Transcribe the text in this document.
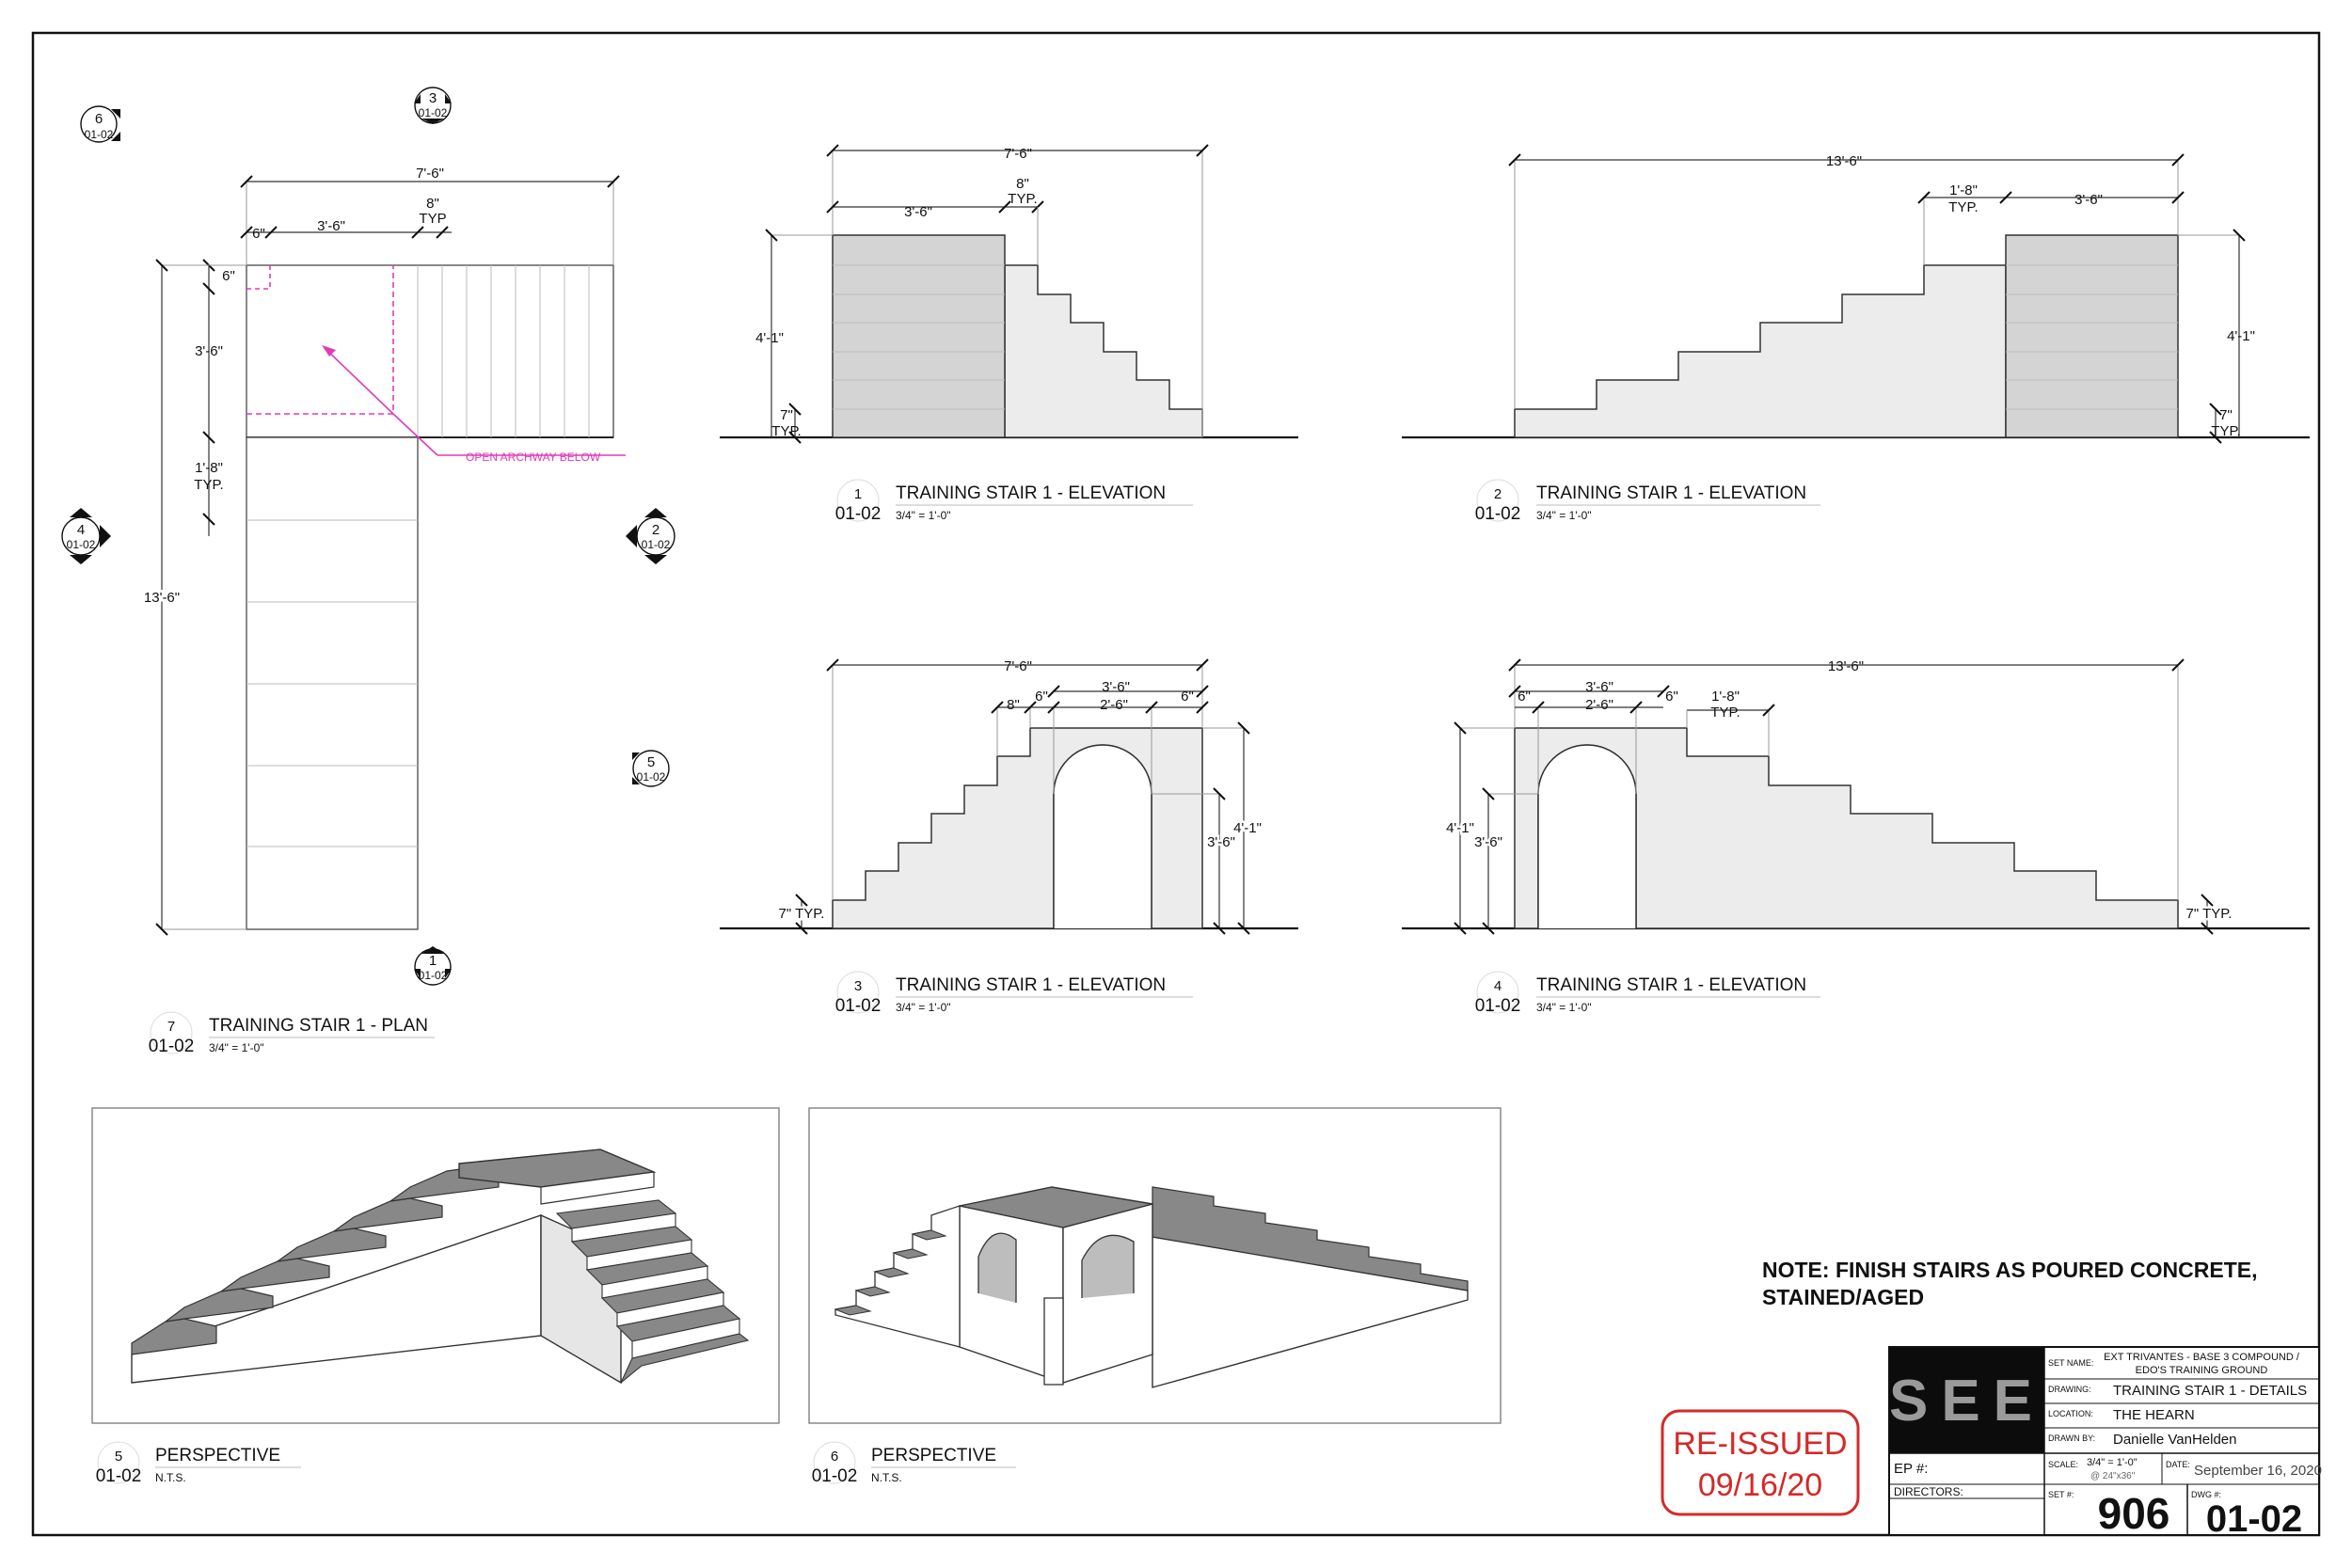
6
01-02
3
01-02
4
01-02
2
01-02
5
01-02
1
01-02
OPEN ARCHWAY BELOW
7'-6"
6"	3'-6"
8"
TYP
6"
3'-6"
1'-8"
TYP.
13'-6"
7'-6"
3'-6"
8"
TYP.
4'-1"
7"
TYP.
13'-6"
1'-8"
TYP.	3'-6"
4'-1"
7"
TYP.
7'-6"
3'-6"
8"
6"
2'-6"
6"
4'-1"
3'-6"
7" TYP.
13'-6"
3'-6"
6"
2'-6"
6" 1'-8"
TYP.
4'-1"
3'-6"
7" TYP.
1
01-02
TRAINING STAIR 1 - ELEVATION
3/4" = 1'-0"
2
01-02
TRAINING STAIR 1 - ELEVATION
3/4" = 1'-0"
3
01-02
TRAINING STAIR 1 - ELEVATION
3/4" = 1'-0"
4
01-02
TRAINING STAIR 1 - ELEVATION
3/4" = 1'-0"
7
01-02
TRAINING STAIR 1 - PLAN
3/4" = 1'-0"
5
01-02
PERSPECTIVE
N.T.S.
6
01-02
PERSPECTIVE
N.T.S.
NOTE: FINISH STAIRS AS POURED CONCRETE,
STAINED/AGED
RE-ISSUED
09/16/20
SEE
SET NAME: EXT TRIVANTES - BASE 3 COMPOUND /
EDO'S TRAINING GROUND
DRAWING: TRAINING STAIR 1 - DETAILS
LOCATION: THE HEARN
DRAWN BY: Danielle VanHelden
EP #:	SCALE: 3/4" = 1'-0"
@ 24"x36"
DATE: September 16, 2020
DIRECTORS:	SET #: 906	DWG #:
01-02
